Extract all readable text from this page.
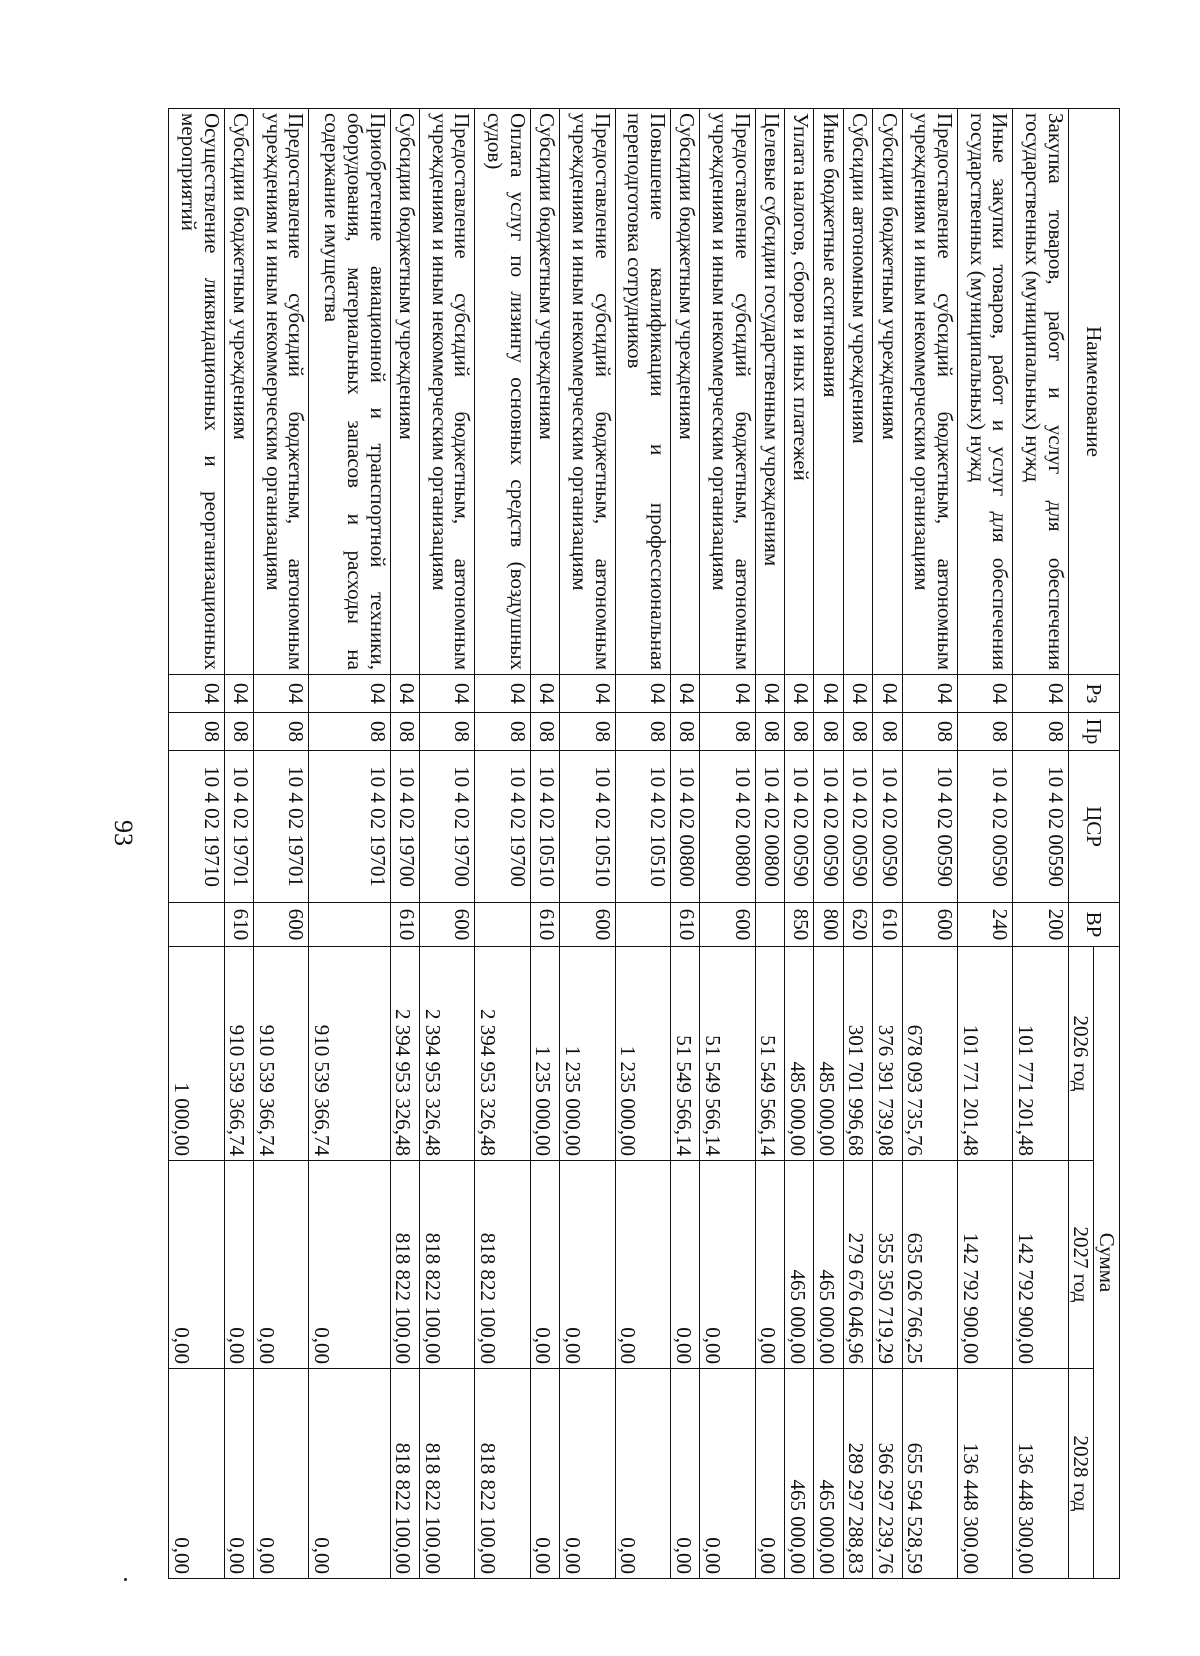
93
Наименование	Рз	Пр	ЦСР	ВР	Сумма		
					2026 год	2027 год	2028 год
Закупка товаров, работ и услуг для обеспечения государственных (муниципальных) нужд	04	08	10 4 02 00590	200	101 771 201,48	142 792 900,00	136 448 300,00
Иные закупки товаров, работ и услуг для обеспечения государственных (муниципальных) нужд	04	08	10 4 02 00590	240	101 771 201,48	142 792 900,00	136 448 300,00
Предоставление субсидий бюджетным, автономным учреждениям и иным некоммерческим организациям	04	08	10 4 02 00590	600	678 093 735,76	635 026 766,25	655 594 528,59
Субсидии бюджетным учреждениям	04	08	10 4 02 00590	610	376 391 739,08	355 350 719,29	366 297 239,76
Субсидии автономным учреждениям	04	08	10 4 02 00590	620	301 701 996,68	279 676 046,96	289 297 288,83
Иные бюджетные ассигнования	04	08	10 4 02 00590	800	485 000,00	465 000,00	465 000,00
Уплата налогов, сборов и иных платежей	04	08	10 4 02 00590	850	485 000,00	465 000,00	465 000,00
Целевые субсидии государственным учреждениям	04	08	10 4 02 00800		51 549 566,14	0,00	0,00
Предоставление субсидий бюджетным, автономным учреждениям и иным некоммерческим организациям	04	08	10 4 02 00800	600	51 549 566,14	0,00	0,00
Субсидии бюджетным учреждениям	04	08	10 4 02 00800	610	51 549 566,14	0,00	0,00
Повышение квалификации и профессиональная переподготовка сотрудников	04	08	10 4 02 10510		1 235 000,00	0,00	0,00
Предоставление субсидий бюджетным, автономным учреждениям и иным некоммерческим организациям	04	08	10 4 02 10510	600	1 235 000,00	0,00	0,00
Субсидии бюджетным учреждениям	04	08	10 4 02 10510	610	1 235 000,00	0,00	0,00
Оплата услуг по лизингу основных средств (воздушных судов)	04	08	10 4 02 19700		2 394 953 326,48	818 822 100,00	818 822 100,00
Предоставление субсидий бюджетным, автономным учреждениям и иным некоммерческим организациям	04	08	10 4 02 19700	600	2 394 953 326,48	818 822 100,00	818 822 100,00
Субсидии бюджетным учреждениям	04	08	10 4 02 19700	610	2 394 953 326,48	818 822 100,00	818 822 100,00
Приобретение авиационной и транспортной техники, оборудования, материальных запасов и расходы на содержание имущества	04	08	10 4 02 19701		910 539 366,74	0,00	0,00
Предоставление субсидий бюджетным, автономным учреждениям и иным некоммерческим организациям	04	08	10 4 02 19701	600	910 539 366,74	0,00	0,00
Субсидии бюджетным учреждениям	04	08	10 4 02 19701	610	910 539 366,74	0,00	0,00
Осуществление ликвидационных и реорганизационных мероприятий	04	08	10 4 02 19710		1 000,00	0,00	0,00
